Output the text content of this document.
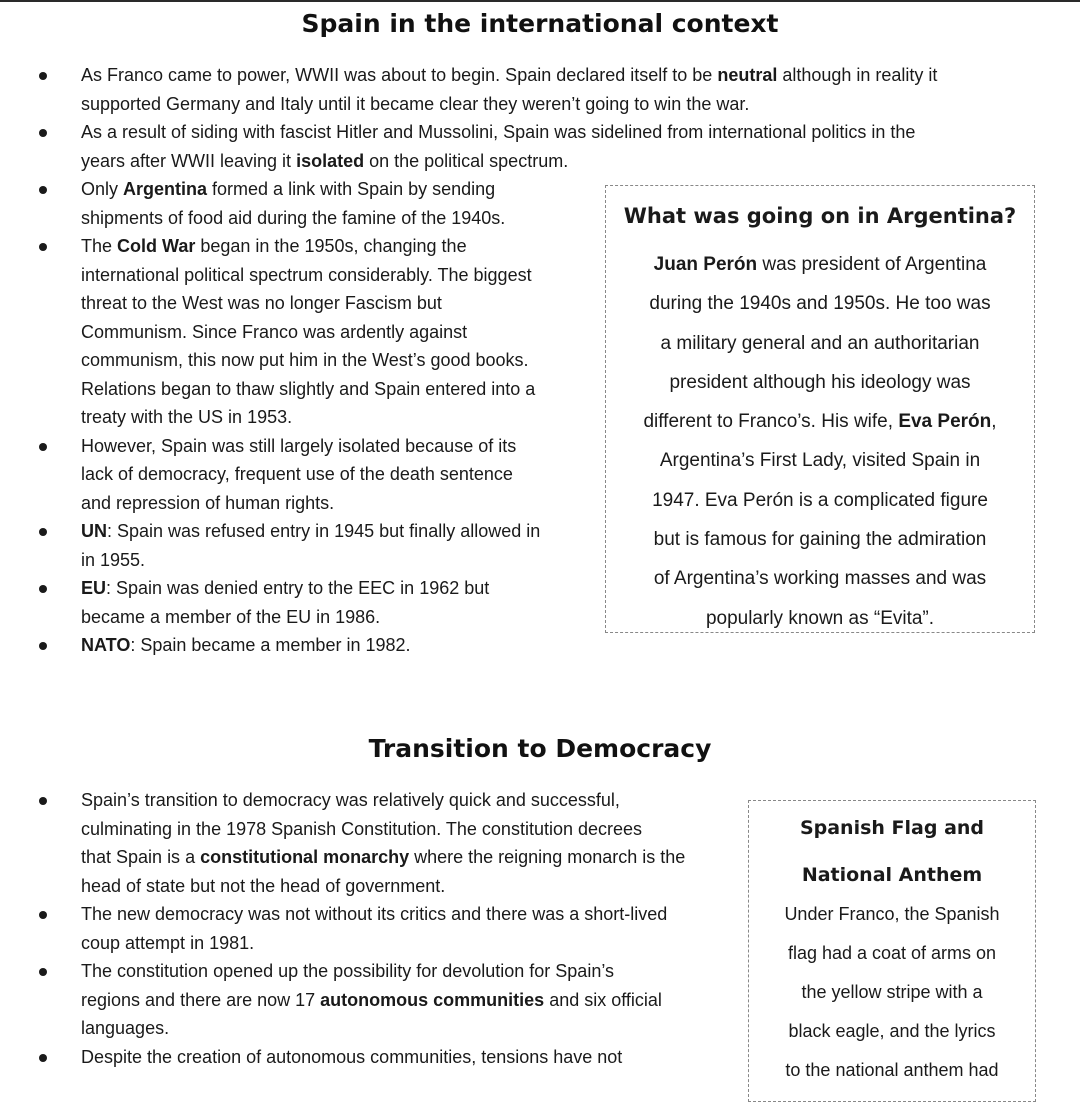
Spain in the international context
As Franco came to power, WWII was about to begin. Spain declared itself to be neutral although in reality it
supported Germany and Italy until it became clear they weren’t going to win the war.
As a result of siding with fascist Hitler and Mussolini, Spain was sidelined from international politics in the
years after WWII leaving it isolated on the political spectrum.
Only Argentina formed a link with Spain by sending
shipments of food aid during the famine of the 1940s.
The Cold War began in the 1950s, changing the
international political spectrum considerably. The biggest
threat to the West was no longer Fascism but
Communism. Since Franco was ardently against
communism, this now put him in the West’s good books.
Relations began to thaw slightly and Spain entered into a
treaty with the US in 1953.
However, Spain was still largely isolated because of its
lack of democracy, frequent use of the death sentence
and repression of human rights.
UN: Spain was refused entry in 1945 but finally allowed in
in 1955.
EU: Spain was denied entry to the EEC in 1962 but
became a member of the EU in 1986.
NATO: Spain became a member in 1982.
What was going on in Argentina?
Juan Perón was president of Argentina
during the 1940s and 1950s. He too was
a military general and an authoritarian
president although his ideology was
different to Franco’s. His wife, Eva Perón,
Argentina’s First Lady, visited Spain in
1947. Eva Perón is a complicated figure
but is famous for gaining the admiration
of Argentina’s working masses and was
popularly known as “Evita”.
Transition to Democracy
Spain’s transition to democracy was relatively quick and successful,
culminating in the 1978 Spanish Constitution. The constitution decrees
that Spain is a constitutional monarchy where the reigning monarch is the
head of state but not the head of government.
The new democracy was not without its critics and there was a short-lived
coup attempt in 1981.
The constitution opened up the possibility for devolution for Spain’s
regions and there are now 17 autonomous communities and six official
languages.
Despite the creation of autonomous communities, tensions have not
Spanish Flag and
National Anthem
Under Franco, the Spanish
flag had a coat of arms on
the yellow stripe with a
black eagle, and the lyrics
to the national anthem had
